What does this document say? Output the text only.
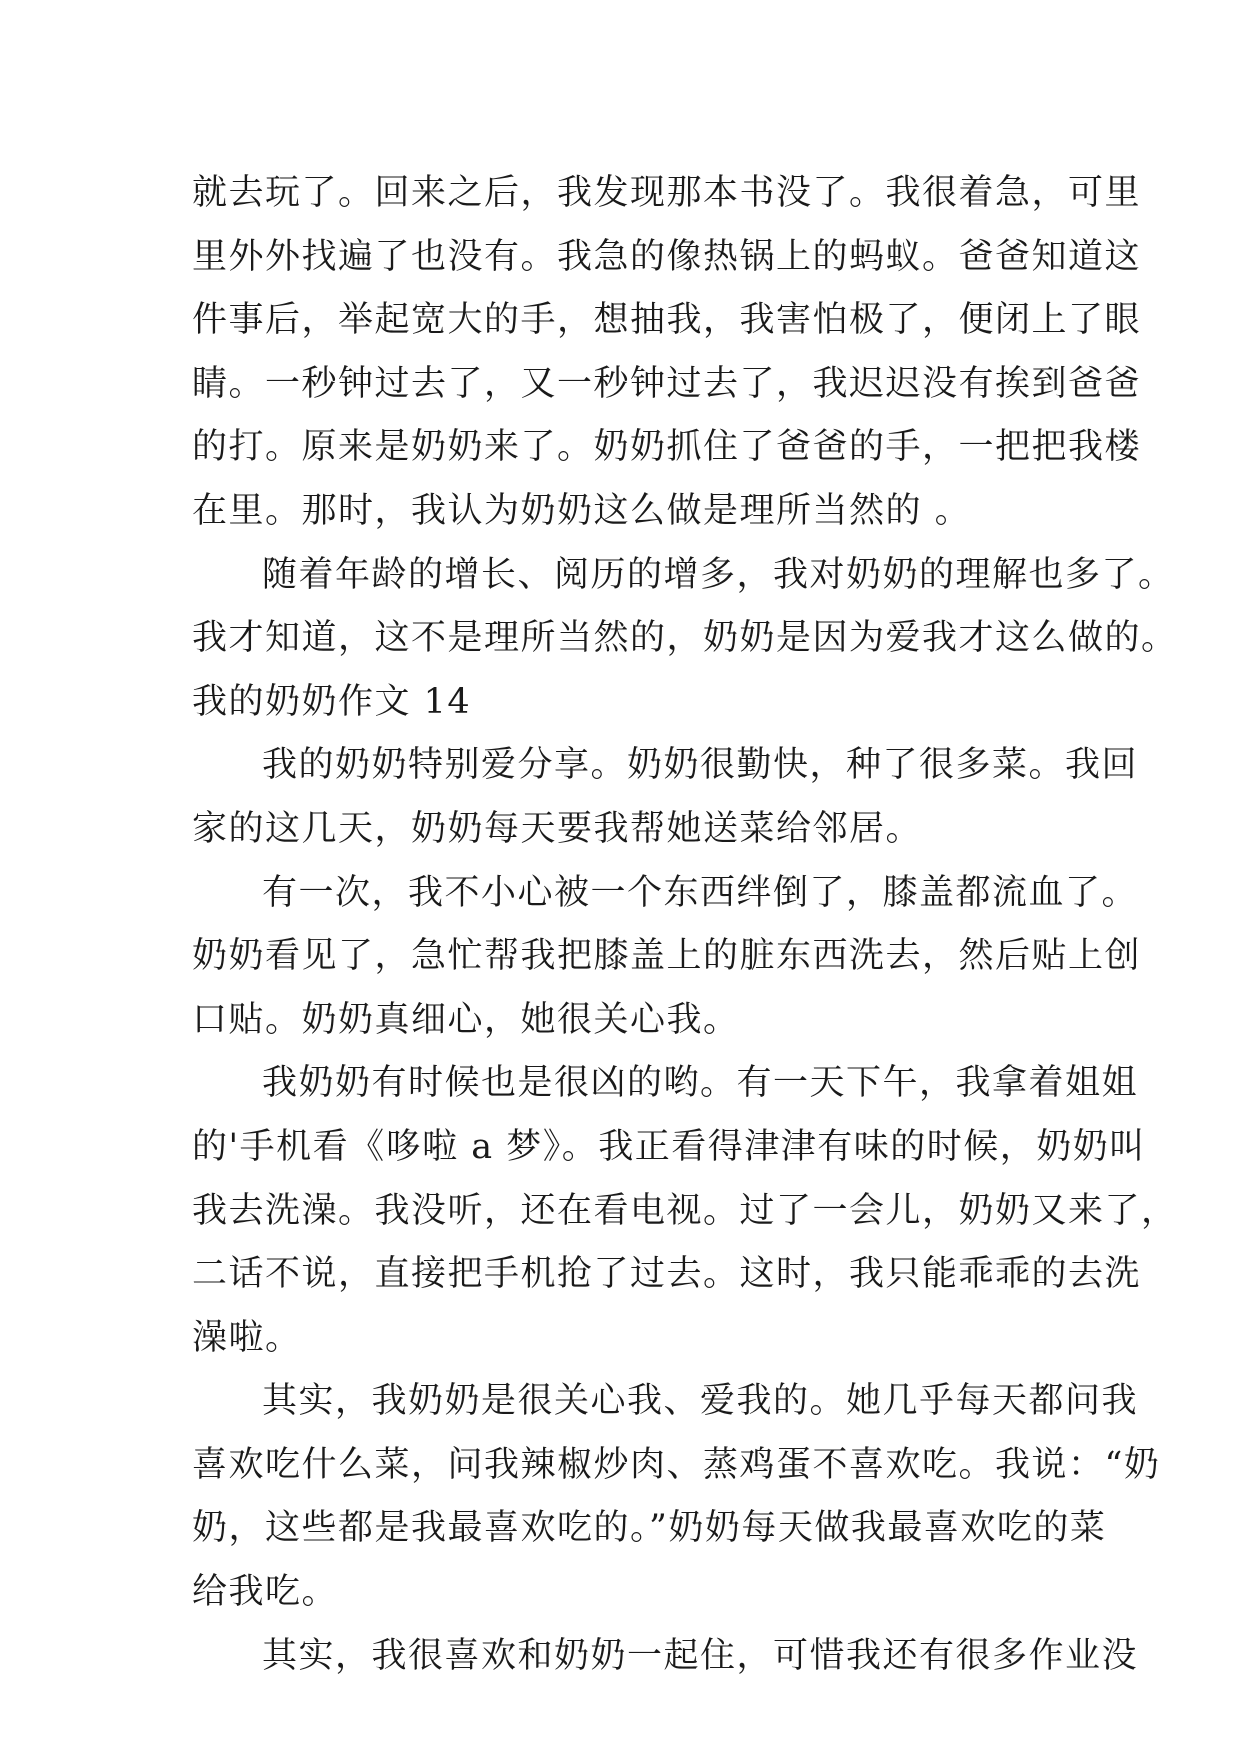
就去玩了。回来之后，我发现那本书没了。我很着急，可里
里外外找遍了也没有。我急的像热锅上的蚂蚁。爸爸知道这
件事后，举起宽大的手，想抽我，我害怕极了，便闭上了眼
睛。一秒钟过去了，又一秒钟过去了，我迟迟没有挨到爸爸
的打。原来是奶奶来了。奶奶抓住了爸爸的手，一把把我楼
在里。那时，我认为奶奶这么做是理所当然的 。
随着年龄的增长、阅历的增多，我对奶奶的理解也多了。
我才知道，这不是理所当然的，奶奶是因为爱我才这么做的。
我的奶奶作文 14
我的奶奶特别爱分享。奶奶很勤快，种了很多菜。我回
家的这几天，奶奶每天要我帮她送菜给邻居。
有一次，我不小心被一个东西绊倒了，膝盖都流血了。
奶奶看见了，急忙帮我把膝盖上的脏东西洗去，然后贴上创
口贴。奶奶真细心，她很关心我。
我奶奶有时候也是很凶的哟。有一天下午，我拿着姐姐
的'手机看《哆啦 a 梦》。我正看得津津有味的时候，奶奶叫
我去洗澡。我没听，还在看电视。过了一会儿，奶奶又来了，
二话不说，直接把手机抢了过去。这时，我只能乖乖的去洗
澡啦。
其实，我奶奶是很关心我、爱我的。她几乎每天都问我
喜欢吃什么菜，问我辣椒炒肉、蒸鸡蛋不喜欢吃。我说：“奶
奶，这些都是我最喜欢吃的。”奶奶每天做我最喜欢吃的菜
给我吃。
其实，我很喜欢和奶奶一起住，可惜我还有很多作业没
